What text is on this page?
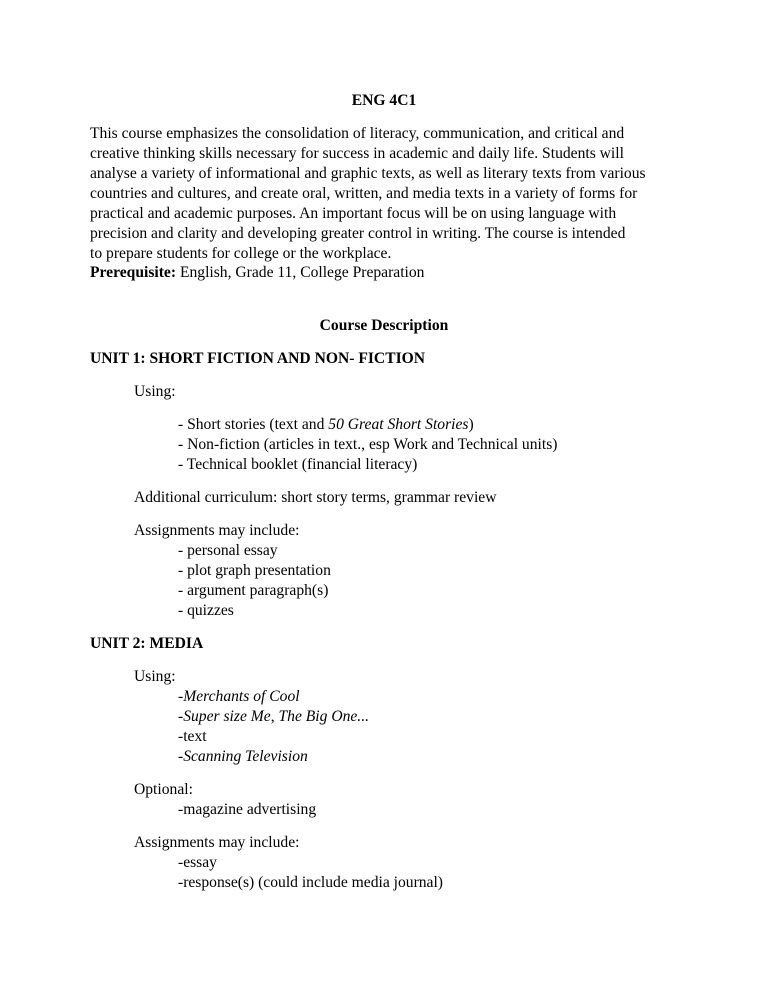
ENG 4C1
This course emphasizes the consolidation of literacy, communication, and critical and
creative thinking skills necessary for success in academic and daily life. Students will
analyse a variety of informational and graphic texts, as well as literary texts from various
countries and cultures, and create oral, written, and media texts in a variety of forms for
practical and academic purposes. An important focus will be on using language with
precision and clarity and developing greater control in writing. The course is intended
to prepare students for college or the workplace.
Prerequisite: English, Grade 11, College Preparation
Course Description
UNIT 1: SHORT FICTION AND NON- FICTION
Using:
- Short stories (text and 50 Great Short Stories)
- Non-fiction (articles in text., esp Work and Technical units)
- Technical booklet (financial literacy)
Additional curriculum: short story terms, grammar review
Assignments may include:
- personal essay
- plot graph presentation
- argument paragraph(s)
- quizzes
UNIT 2: MEDIA
Using:
-Merchants of Cool
-Super size Me, The Big One...
-text
-Scanning Television
Optional:
-magazine advertising
Assignments may include:
-essay
-response(s) (could include media journal)
